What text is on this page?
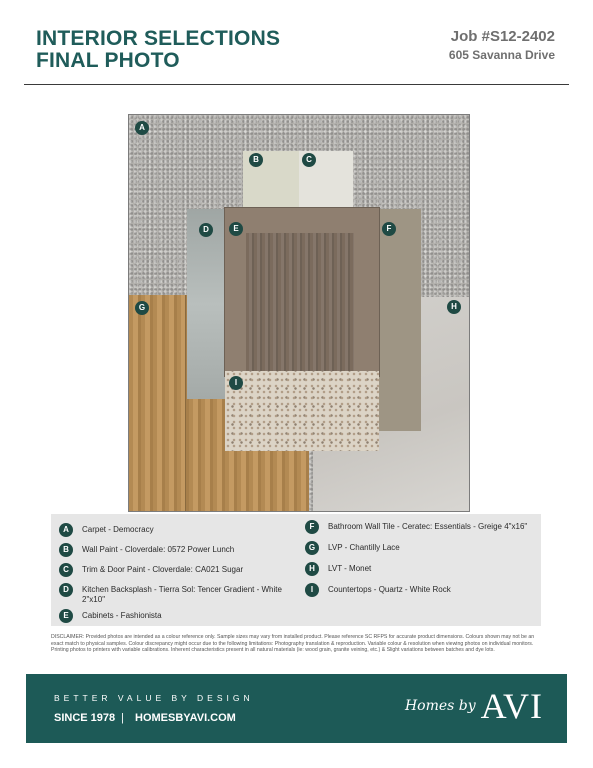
INTERIOR SELECTIONS
FINAL PHOTO
Job #S12-2402
605 Savanna Drive
A
B	C
D	E	F
G	H
I
A	Carpet - Democracy
B	Wall Paint - Cloverdale: 0572 Power Lunch
C	Trim & Door Paint - Cloverdale: CA021 Sugar
D	Kitchen Backsplash - Tierra Sol: Tencer Gradient - White 2"x10"
E	Cabinets - Fashionista
F	Bathroom Wall Tile - Ceratec: Essentials - Greige 4"x16"
G	LVP - Chantilly Lace
H	LVT - Monet
I	Countertops - Quartz - White Rock
DISCLAIMER: Provided photos are intended as a colour reference only. Sample sizes may vary from installed product. Please reference SC RFPS for accurate product dimensions. Colours shown may not be an exact match to physical samples. Colour discrepancy might occur due to the following limitations: Photography translation & reproduction. Variable colour & resolution when viewing photos on individual monitors. Printing photos to printers with variable calibrations. Inherent characteristics present in all natural materials (ie: wood grain, granite veining, etc.) & Slight variations between batches and dye lots.
BETTER VALUE BY DESIGN
SINCE 1978 | HOMESBYAVI.COM
Homes by AVI
